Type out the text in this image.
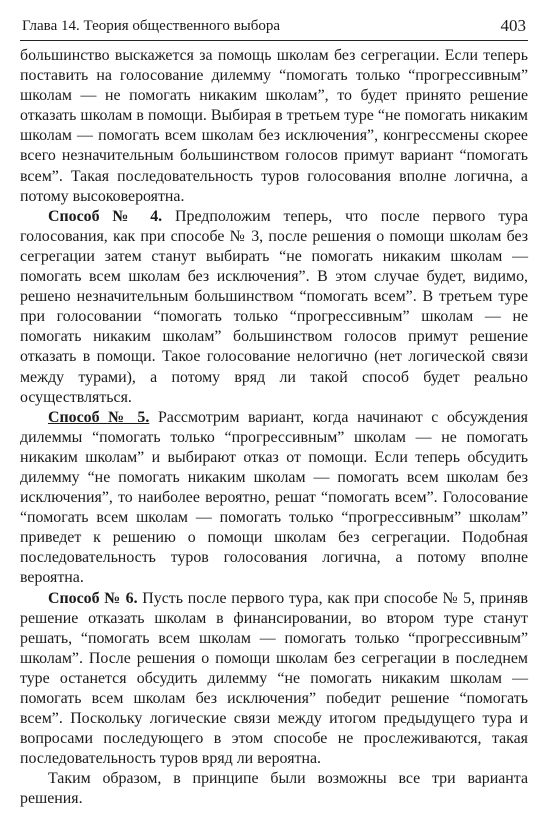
Глава 14. Теория общественного выбора	403

большинство выскажется за помощь школам без сегрегации. Если теперь поставить на голосование дилемму “помогать только “прогрессивным” школам — не помогать никаким школам”, то будет принято решение отказать школам в помощи. Выбирая в третьем туре “не помогать никаким школам — помогать всем школам без исключения”, конгрессмены скорее всего незначительным большинством голосов примут вариант “помогать всем”. Такая последовательность туров голосования вполне логична, а потому высоковероятна.

Способ № 4. Предположим теперь, что после первого тура голосования, как при способе № 3, после решения о помощи школам без сегрегации затем станут выбирать “не помогать никаким школам — помогать всем школам без исключения”. В этом случае будет, видимо, решено незначительным большинством “помогать всем”. В третьем туре при голосовании “помогать только “прогрессивным” школам — не помогать никаким школам” большинством голосов примут решение отказать в помощи. Такое голосование нелогично (нет логической связи между турами), а потому вряд ли такой способ будет реально осуществляться.

Способ № 5. Рассмотрим вариант, когда начинают с обсуждения дилеммы “помогать только “прогрессивным” школам — не помогать никаким школам” и выбирают отказ от помощи. Если теперь обсудить дилемму “не помогать никаким школам — помогать всем школам без исключения”, то наиболее вероятно, решат “помогать всем”. Голосование “помогать всем школам — помогать только “прогрессивным” школам” приведет к решению о помощи школам без сегрегации. Подобная последовательность туров голосования логична, а потому вполне вероятна.

Способ № 6. Пусть после первого тура, как при способе № 5, приняв решение отказать школам в финансировании, во втором туре станут решать, “помогать всем школам — помогать только “прогрессивным” школам”. После решения о помощи школам без сегрегации в последнем туре останется обсудить дилемму “не помогать никаким школам — помогать всем школам без исключения” победит решение “помогать всем”. Поскольку логические связи между итогом предыдущего тура и вопросами последующего в этом способе не прослеживаются, такая последовательность туров вряд ли вероятна.

Таким образом, в принципе были возможны все три варианта решения.
